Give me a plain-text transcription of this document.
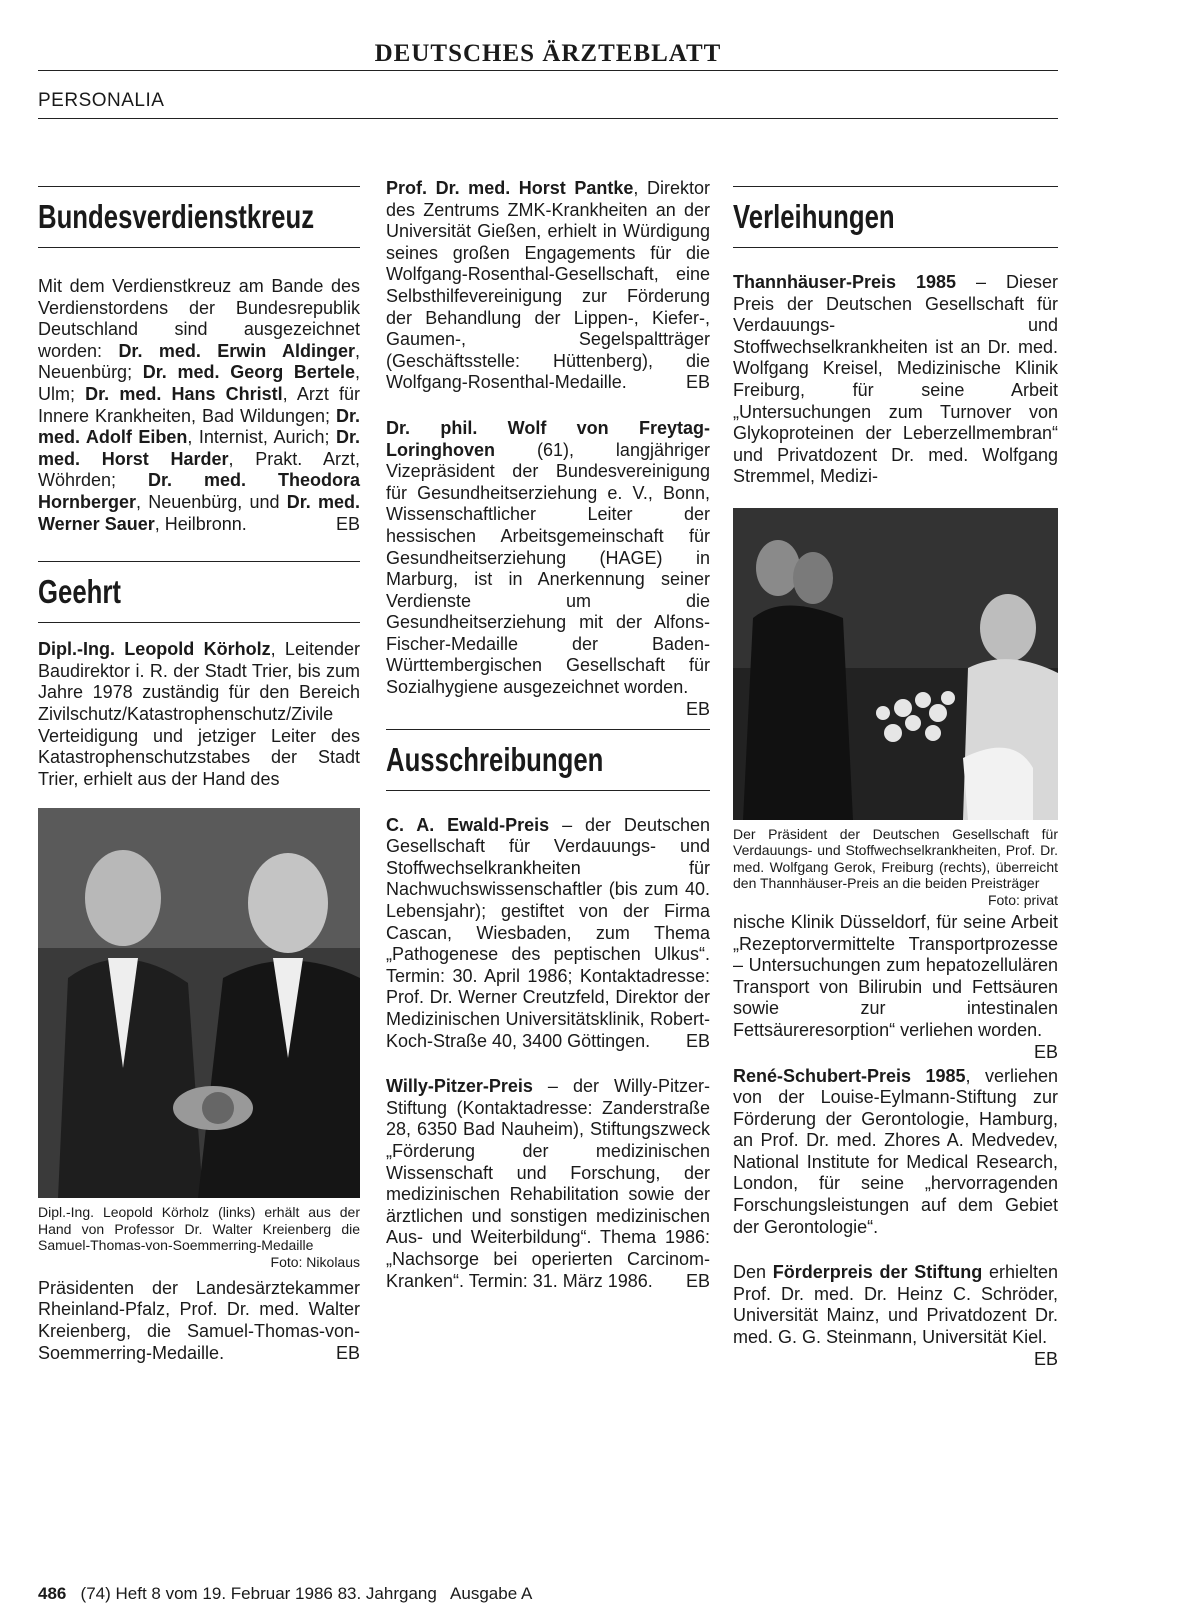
DEUTSCHES ÄRZTEBLATT
PERSONALIA
Bundesverdienstkreuz

Mit dem Verdienstkreuz am Bande des Verdienstordens der Bundesrepublik Deutschland sind ausgezeichnet worden: Dr. med. Erwin Aldinger, Neuenbürg; Dr. med. Georg Bertele, Ulm; Dr. med. Hans Christl, Arzt für Innere Krankheiten, Bad Wildungen; Dr. med. Adolf Eiben, Internist, Aurich; Dr. med. Horst Harder, Prakt. Arzt, Wöhrden; Dr. med. Theodora Hornberger, Neuenbürg, und Dr. med. Werner Sauer, Heilbronn.	EB

Geehrt

Dipl.-Ing. Leopold Körholz, Leitender Baudirektor i. R. der Stadt Trier, bis zum Jahre 1978 zuständig für den Bereich Zivilschutz/Katastrophenschutz/Zivile Verteidigung und jetziger Leiter des Katastrophenschutzstabes der Stadt Trier, erhielt aus der Hand des

Dipl.-Ing. Leopold Körholz (links) erhält aus der Hand von Professor Dr. Walter Kreienberg die Samuel-Thomas-von-Soemmerring-Medaille
Foto: Nikolaus

Präsidenten der Landesärztekammer Rheinland-Pfalz, Prof. Dr. med. Walter Kreienberg, die Samuel-Thomas-von-Soemmerring-Medaille.	EB

Prof. Dr. med. Horst Pantke, Direktor des Zentrums ZMK-Krankheiten an der Universität Gießen, erhielt in Würdigung seines großen Engagements für die Wolfgang-Rosenthal-Gesellschaft, eine Selbsthilfevereinigung zur Förderung der Behandlung der Lippen-, Kiefer-, Gaumen-, Segelspaltträger (Geschäftsstelle: Hüttenberg), die Wolfgang-Rosenthal-Medaille.	EB

Dr. phil. Wolf von Freytag-Loringhoven (61), langjähriger Vizepräsident der Bundesvereinigung für Gesundheitserziehung e. V., Bonn, Wissenschaftlicher Leiter der hessischen Arbeitsgemeinschaft für Gesundheitserziehung (HAGE) in Marburg, ist in Anerkennung seiner Verdienste um die Gesundheitserziehung mit der Alfons-Fischer-Medaille der Baden-Württembergischen Gesellschaft für Sozialhygiene ausgezeichnet worden.
EB

Ausschreibungen

C. A. Ewald-Preis – der Deutschen Gesellschaft für Verdauungs- und Stoffwechselkrankheiten für Nachwuchswissenschaftler (bis zum 40. Lebensjahr); gestiftet von der Firma Cascan, Wiesbaden, zum Thema „Pathogenese des peptischen Ulkus“. Termin: 30. April 1986; Kontaktadresse: Prof. Dr. Werner Creutzfeld, Direktor der Medizinischen Universitätsklinik, Robert-Koch-Straße 40, 3400 Göttingen. EB

Willy-Pitzer-Preis – der Willy-Pitzer-Stiftung (Kontaktadresse: Zanderstraße 28, 6350 Bad Nauheim), Stiftungszweck „Förderung der medizinischen Wissenschaft und Forschung, der medizinischen Rehabilitation sowie der ärztlichen und sonstigen medizinischen Aus- und Weiterbildung“. Thema 1986: „Nachsorge bei operierten Carcinom-Kranken“. Termin: 31. März 1986. EB

Verleihungen

Thannhäuser-Preis 1985 – Dieser Preis der Deutschen Gesellschaft für Verdauungs- und Stoffwechselkrankheiten ist an Dr. med. Wolfgang Kreisel, Medizinische Klinik Freiburg, für seine Arbeit „Untersuchungen zum Turnover von Glykoproteinen der Leberzellmembran“ und Privatdozent Dr. med. Wolfgang Stremmel, Medizi-

Der Präsident der Deutschen Gesellschaft für Verdauungs- und Stoffwechselkrankheiten, Prof. Dr. med. Wolfgang Gerok, Freiburg (rechts), überreicht den Thannhäuser-Preis an die beiden Preisträger
Foto: privat

nische Klinik Düsseldorf, für seine Arbeit „Rezeptorvermittelte Transportprozesse – Untersuchungen zum hepatozellulären Transport von Bilirubin und Fettsäuren sowie zur intestinalen Fettsäureresorption“ verliehen worden.
EB

René-Schubert-Preis 1985, verliehen von der Louise-Eylmann-Stiftung zur Förderung der Gerontologie, Hamburg, an Prof. Dr. med. Zhores A. Medvedev, National Institute for Medical Research, London, für seine „hervorragenden Forschungsleistungen auf dem Gebiet der Gerontologie“.

Den Förderpreis der Stiftung erhielten Prof. Dr. med. Dr. Heinz C. Schröder, Universität Mainz, und Privatdozent Dr. med. G. G. Steinmann, Universität Kiel.
EB

486   (74) Heft 8 vom 19. Februar 1986 83. Jahrgang   Ausgabe A
